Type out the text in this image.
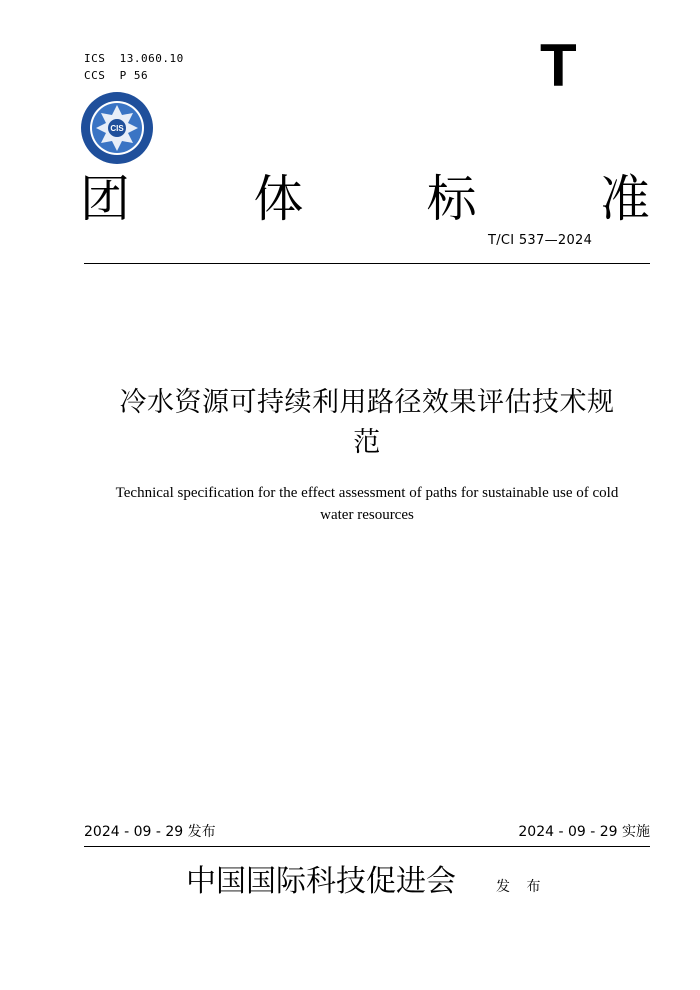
ICS  13.060.10
CCS  P 56	T
CIS
团 体 标 准
T/CI 537—2024
冷水资源可持续利用路径效果评估技术规
范
Technical specification for the effect assessment of paths for sustainable use of cold
water resources
2024 - 09 - 29 发布	2024 - 09 - 29 实施
中国国际科技促进会	发 布
